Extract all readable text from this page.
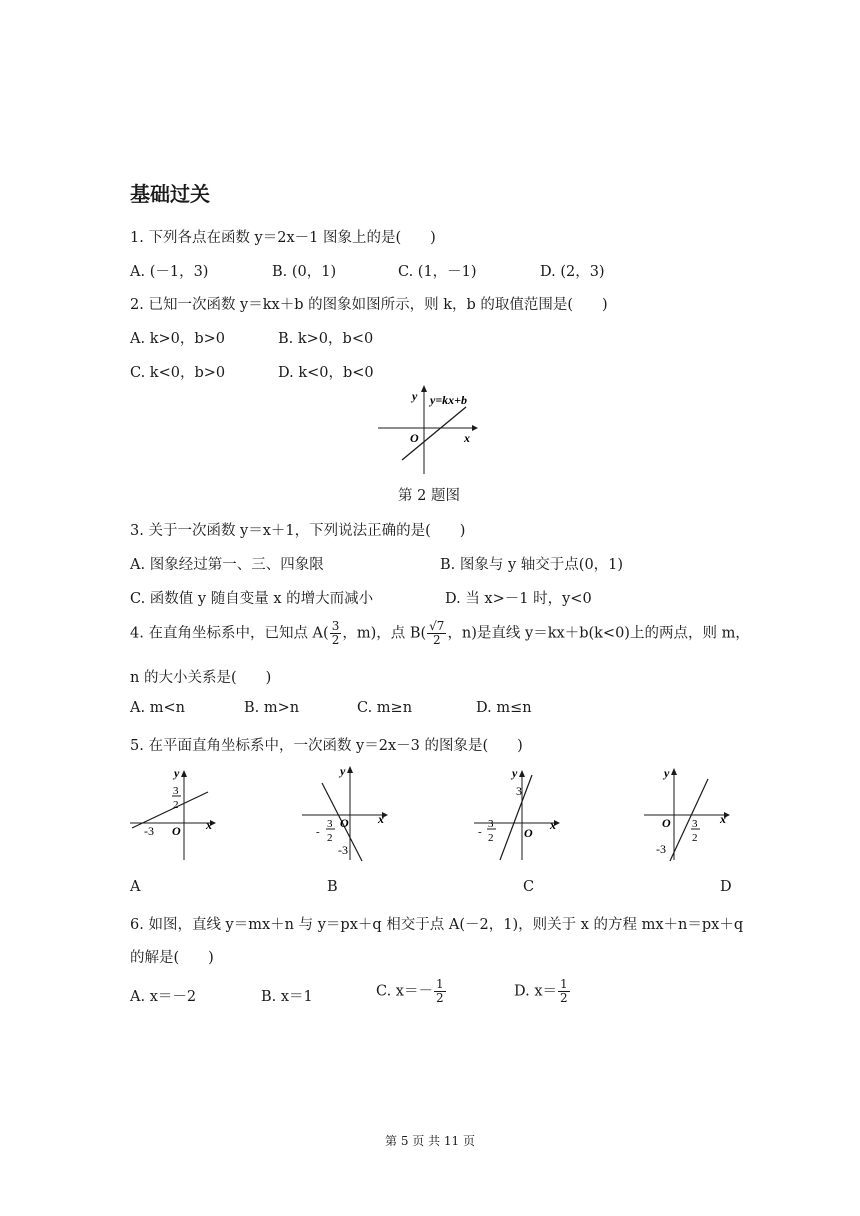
基础过关
1. 下列各点在函数 y＝2x－1 图象上的是(　　)
A. (－1，3)	B. (0，1)	C. (1，－1)	D. (2，3)
2. 已知一次函数 y＝kx＋b 的图象如图所示，则 k，b 的取值范围是(　　)
A. k>0，b>0	B. k>0，b<0
C. k<0，b>0	D. k<0，b<0
y y=kx+b
O	x
第 2 题图
3. 关于一次函数 y＝x＋1，下列说法正确的是(　　)
A. 图象经过第一、三、四象限	B. 图象与 y 轴交于点(0，1)
C. 函数值 y 随自变量 x 的增大而减小	D. 当 x>－1 时，y<0
4. 在直角坐标系中，已知点 $A( \frac{3}{2}$ ，m)，点 $B( \frac{√7}{2}$ ，n)是直线 y＝kx＋b(k<0)上的两点，则 m，
n 的大小关系是(　　)
A. m<n	B. m>n	C. m≥n	D. m≤n
5. 在平面直角坐标系中，一次函数 y＝2x－3 的图象是(　　)
y
x
O
-3
3
2
y
x
O
-
3
2
-3
y
x
O
3
-
3
2
y
x
O 3
2
-3
A	B	C	D
6. 如图，直线 y＝mx＋n 与 y＝px＋q 相交于点 A(－2，1)，则关于 x 的方程 mx＋n＝px＋q
的解是(　　)
A. x＝－2	B. x＝1	C. $x=- \frac{1}{2}$	D. $x= \frac{1}{2}$
第 5 页 共 11 页
